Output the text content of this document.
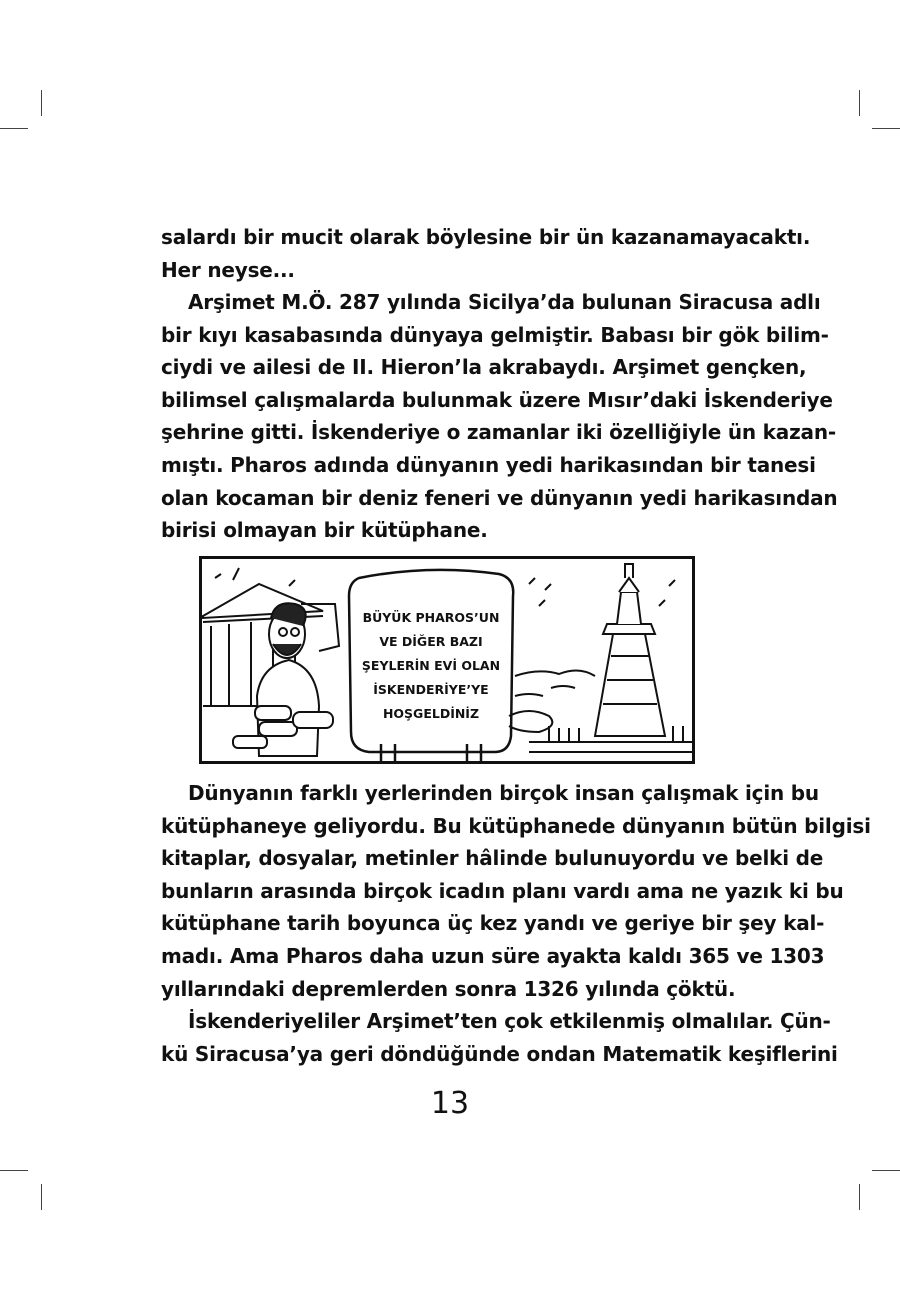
salardı bir mucit olarak böylesine bir ün kazanamayacaktı.
Her neyse...
Arşimet M.Ö. 287 yılında Sicilya’da bulunan Siracusa adlı
bir kıyı kasabasında dünyaya gelmiştir. Babası bir gök bilim-
ciydi ve ailesi de II. Hieron’la akrabaydı. Arşimet gençken,
bilimsel çalışmalarda bulunmak üzere Mısır’daki İskenderiye
şehrine gitti. İskenderiye o zamanlar iki özelliğiyle ün kazan-
mıştı. Pharos adında dünyanın yedi harikasından bir tanesi
olan kocaman bir deniz feneri ve dünyanın yedi harikasından
birisi olmayan bir kütüphane.
BÜYÜK PHAROS’UN
VE DİĞER BAZI
ŞEYLERİN EVİ OLAN
İSKENDERİYE’YE
HOŞGELDİNİZ
Dünyanın farklı yerlerinden birçok insan çalışmak için bu
kütüphaneye geliyordu. Bu kütüphanede dünyanın bütün bilgisi
kitaplar, dosyalar, metinler hâlinde bulunuyordu ve belki de
bunların arasında birçok icadın planı vardı ama ne yazık ki bu
kütüphane tarih boyunca üç kez yandı ve geriye bir şey kal-
madı. Ama Pharos daha uzun süre ayakta kaldı 365 ve 1303
yıllarındaki depremlerden sonra 1326 yılında çöktü.
İskenderiyeliler Arşimet’ten çok etkilenmiş olmalılar. Çün-
kü Siracusa’ya geri döndüğünde ondan Matematik keşiflerini
13
